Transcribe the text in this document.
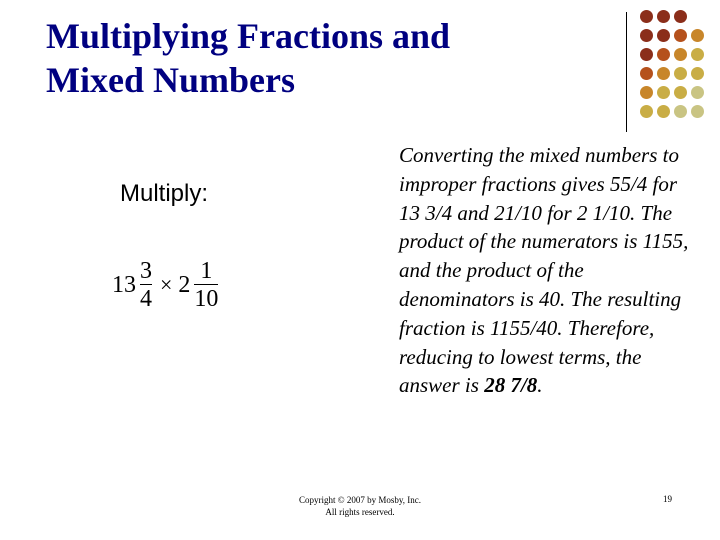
Multiplying Fractions and
Mixed Numbers
Multiply:
$13 \frac{3}{4} \times 2 \frac{1}{10}$
Converting the mixed numbers to improper fractions gives 55/4 for 13 3/4 and 21/10 for 2 1/10. The product of the numerators is 1155, and the product of the denominators is 40. The resulting fraction is 1155/40. Therefore, reducing to lowest terms, the answer is 28 7/8.
Copyright © 2007 by Mosby, Inc.
All rights reserved.
19
